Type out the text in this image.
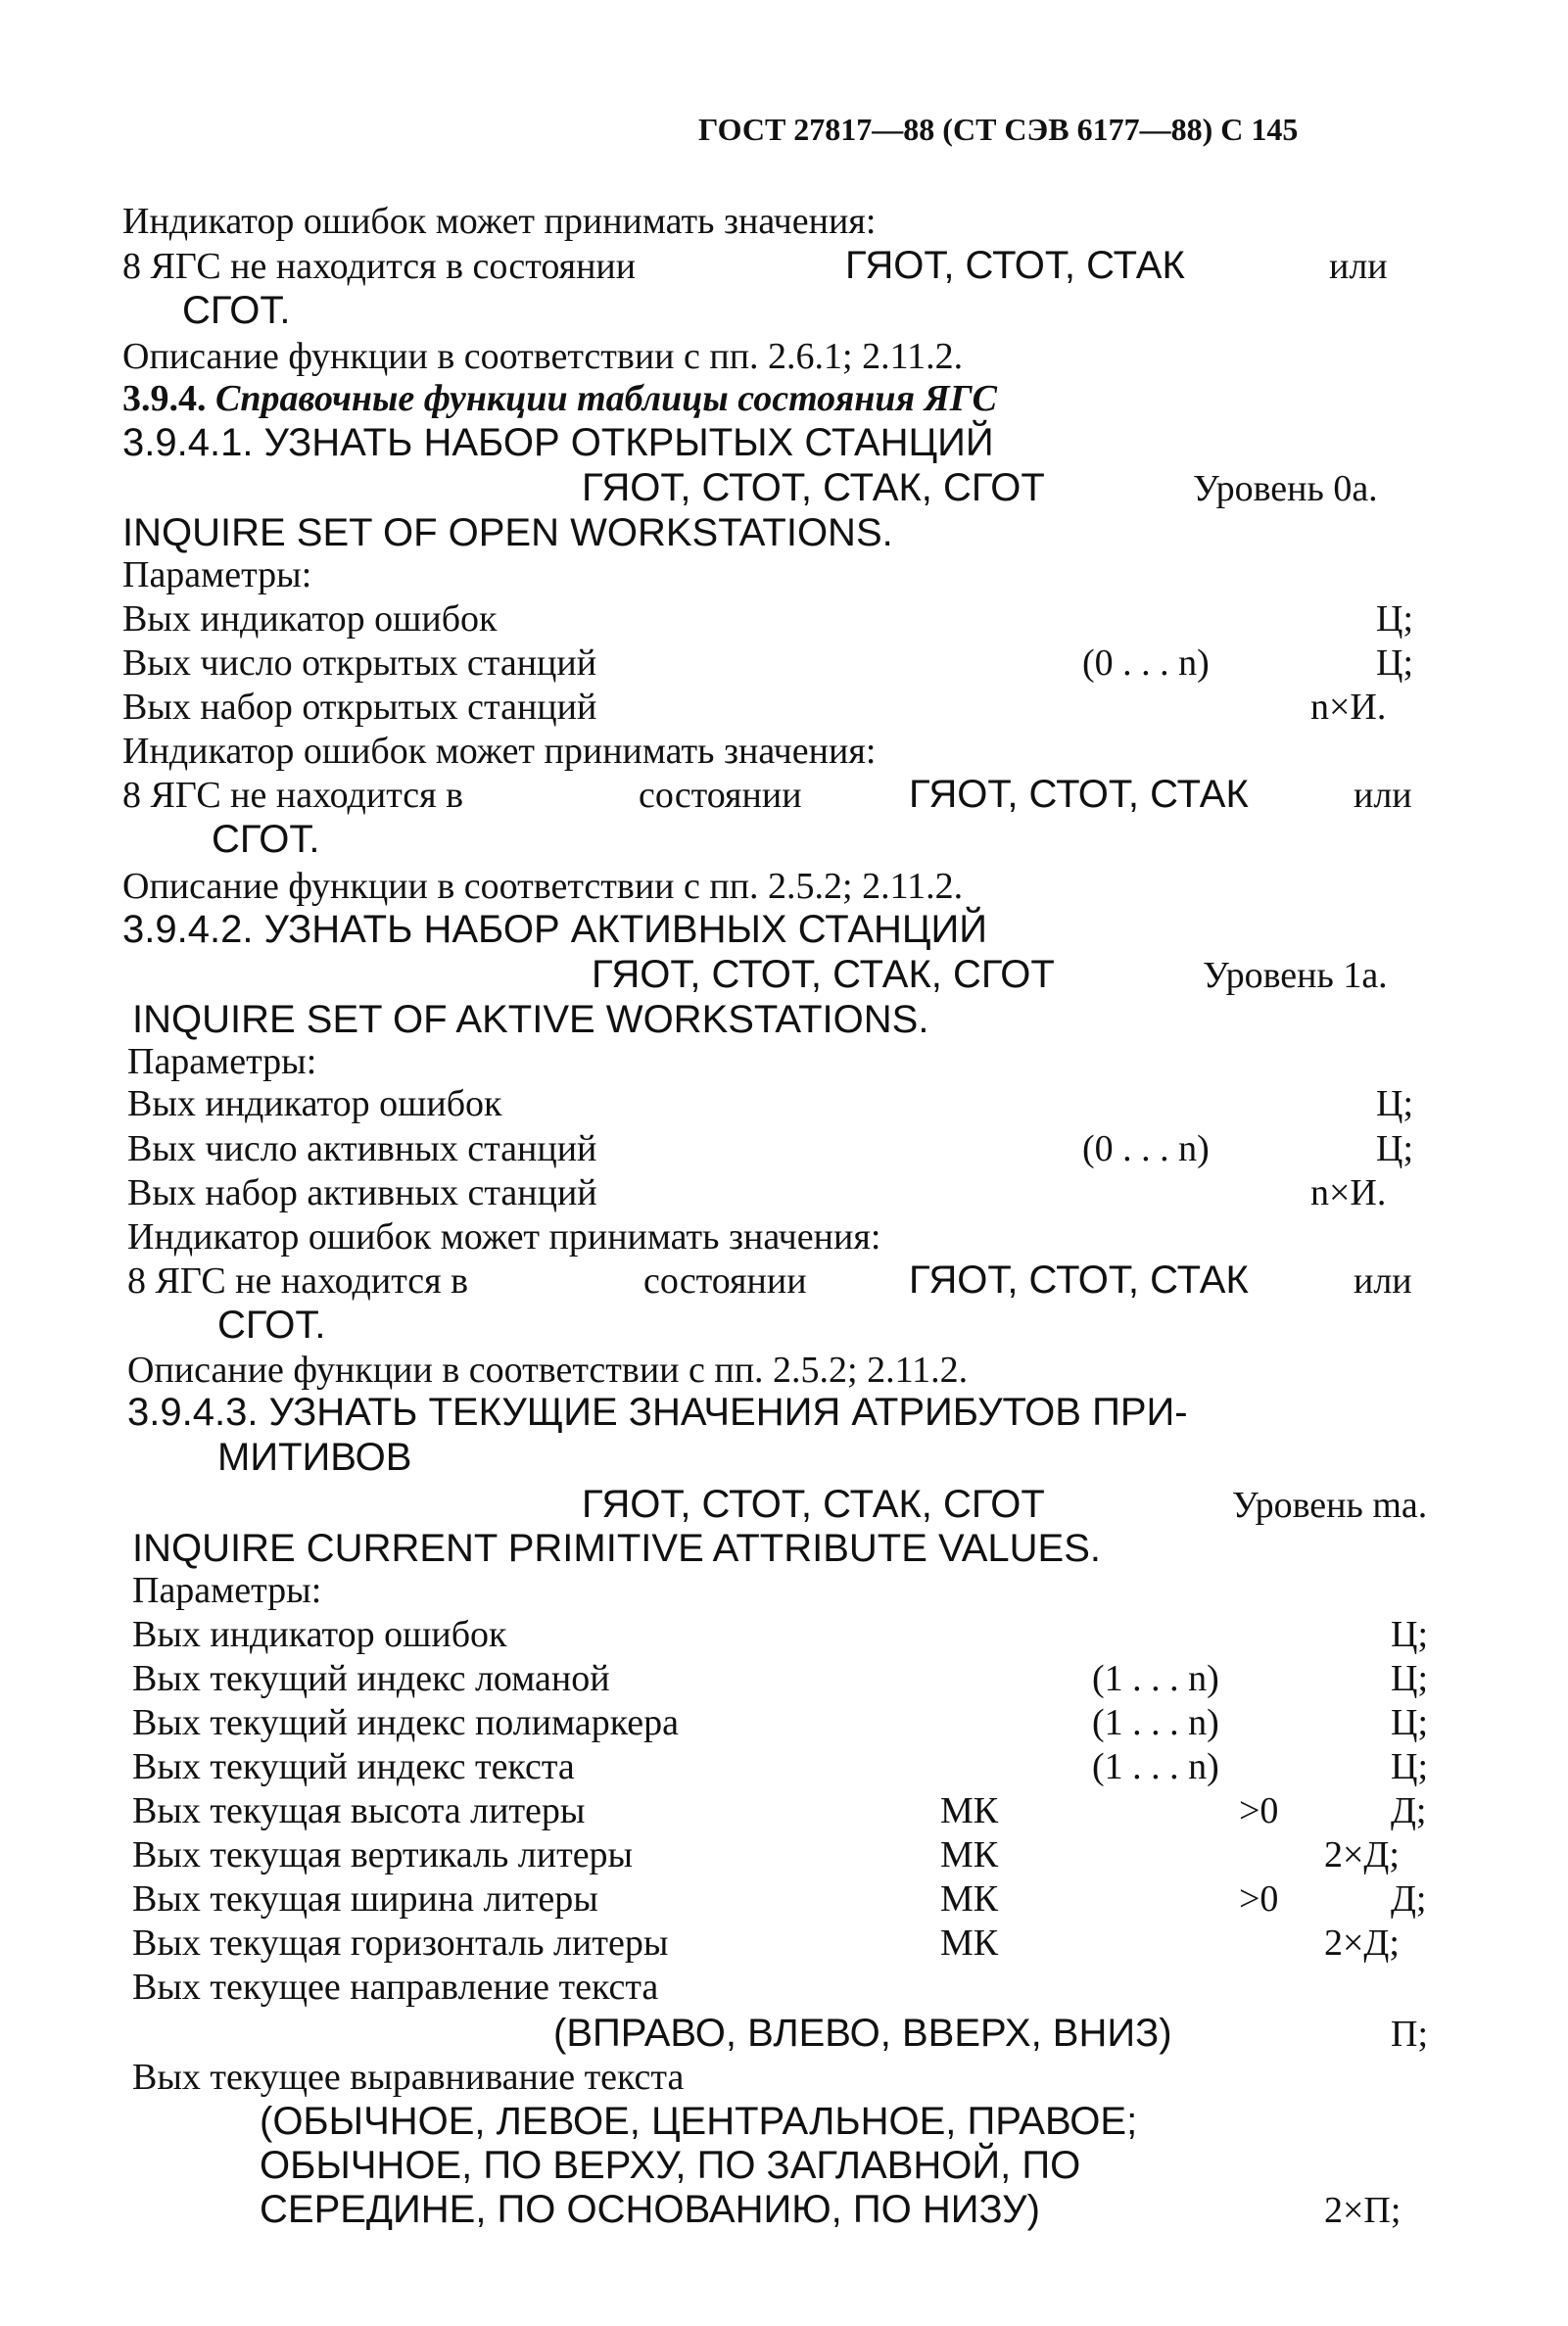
ГОСТ 27817—88 (СТ СЭВ 6177—88) С 145
Индикатор ошибок может принимать значения:
8 ЯГС не находится в состоянии	ГЯОТ, СТОТ, СТАК	или
СГОТ.
Описание функции в соответствии с пп. 2.6.1; 2.11.2.
3.9.4. Справочные функции таблицы состояния ЯГС
3.9.4.1. УЗНАТЬ НАБОР ОТКРЫТЫХ СТАНЦИЙ
ГЯОТ, СТОТ, СТАК, СГОТ	Уровень 0а.
INQUIRE SET OF OPEN WORKSTATIONS.
Параметры:
Вых индикатор ошибок	Ц;
Вых число открытых станций	(0 . . . n)	Ц;
Вых набор открытых станций	n×И.
Индикатор ошибок может принимать значения:
8 ЯГС не находится в	состоянии	ГЯОТ, СТОТ, СТАК	или
СГОТ.
Описание функции в соответствии с пп. 2.5.2; 2.11.2.
3.9.4.2. УЗНАТЬ НАБОР АКТИВНЫХ СТАНЦИЙ
ГЯОТ, СТОТ, СТАК, СГОТ	Уровень 1а.
INQUIRE SET OF AKTIVE WORKSTATIONS.
Параметры:
Вых индикатор ошибок	Ц;
Вых число активных станций	(0 . . . n)	Ц;
Вых набор активных станций	n×И.
Индикатор ошибок может принимать значения:
8 ЯГС не находится в	состоянии	ГЯОТ, СТОТ, СТАК	или
СГОТ.
Описание функции в соответствии с пп. 2.5.2; 2.11.2.
3.9.4.3. УЗНАТЬ ТЕКУЩИЕ ЗНАЧЕНИЯ АТРИБУТОВ ПРИ-
МИТИВОВ
ГЯОТ, СТОТ, СТАК, СГОТ	Уровень ma.
INQUIRE CURRENT PRIMITIVE ATTRIBUTE VALUES.
Параметры:
Вых индикатор ошибок	Ц;
Вых текущий индекс ломаной	(1 . . . n)	Ц;
Вых текущий индекс полимаркера	(1 . . . n)	Ц;
Вых текущий индекс текста	(1 . . . n)	Ц;
Вых текущая высота литеры	МК	>0	Д;
Вых текущая вертикаль литеры	МК	2×Д;
Вых текущая ширина литеры	МК	>0	Д;
Вых текущая горизонталь литеры	МК	2×Д;
Вых текущее направление текста
(ВПРАВО, ВЛЕВО, ВВЕРХ, ВНИЗ)	П;
Вых текущее выравнивание текста
(ОБЫЧНОЕ, ЛЕВОЕ, ЦЕНТРАЛЬНОЕ, ПРАВОЕ;
ОБЫЧНОЕ, ПО ВЕРХУ, ПО ЗАГЛАВНОЙ, ПО
СЕРЕДИНЕ, ПО ОСНОВАНИЮ, ПО НИЗУ)	2×П;
